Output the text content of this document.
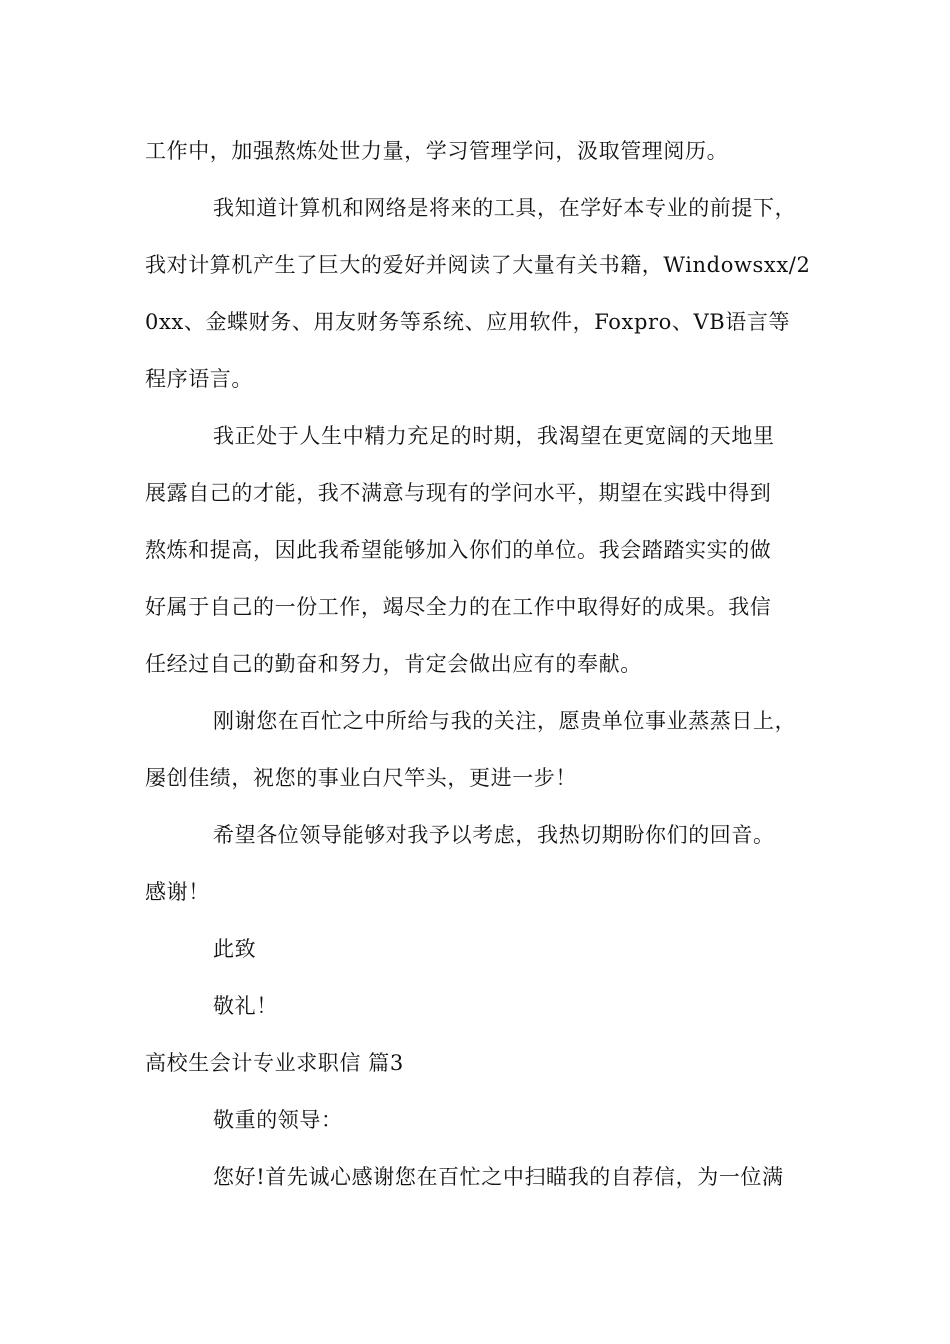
工作中，加强熬炼处世力量，学习管理学问，汲取管理阅历。
我知道计算机和网络是将来的工具，在学好本专业的前提下，
我对计算机产生了巨大的爱好并阅读了大量有关书籍，Windowsxx/2
0xx、金蝶财务、用友财务等系统、应用软件，Foxpro、VB语言等
程序语言。
我正处于人生中精力充足的时期，我渴望在更宽阔的天地里
展露自己的才能，我不满意与现有的学问水平，期望在实践中得到
熬炼和提高，因此我希望能够加入你们的单位。我会踏踏实实的做
好属于自己的一份工作，竭尽全力的在工作中取得好的成果。我信
任经过自己的勤奋和努力，肯定会做出应有的奉献。
刚谢您在百忙之中所给与我的关注，愿贵单位事业蒸蒸日上，
屡创佳绩，祝您的事业白尺竿头，更进一步！
希望各位领导能够对我予以考虑，我热切期盼你们的回音。
感谢！
此致
敬礼！
高校生会计专业求职信 篇3
敬重的领导：
您好!首先诚心感谢您在百忙之中扫瞄我的自荐信，为一位满
